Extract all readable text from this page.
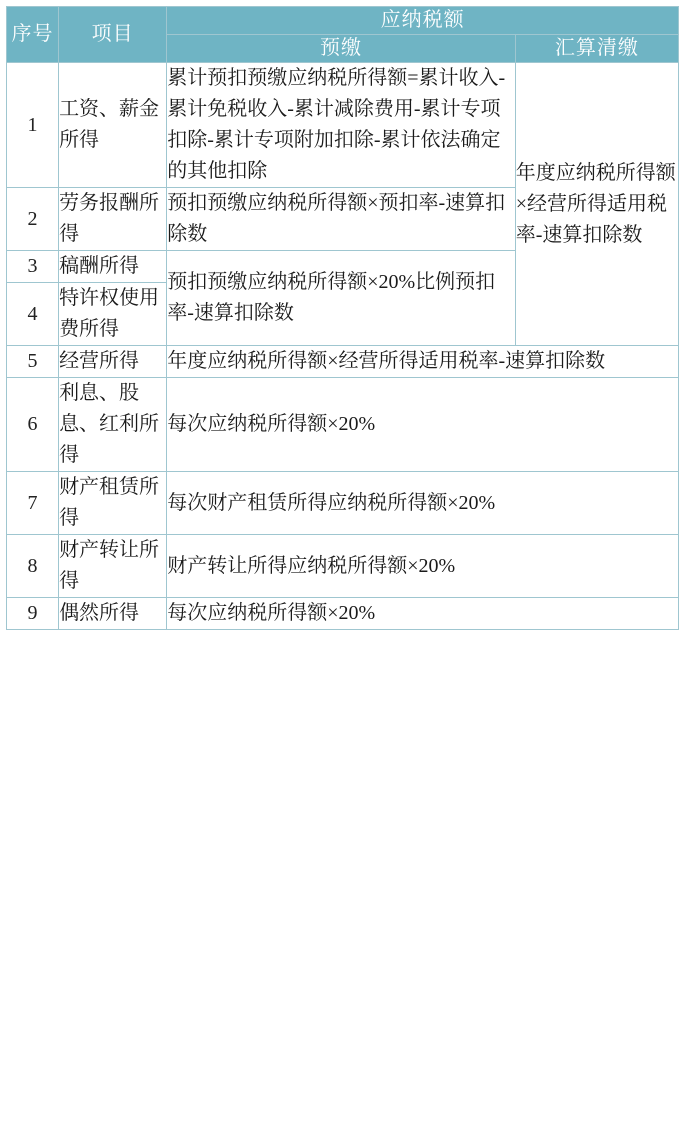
序号	项目	应纳税额	
		预缴	汇算清缴
1	工资、薪金所得	累计预扣预缴应纳税所得额=累计收入-累计免税收入-累计减除费用-累计专项扣除-累计专项附加扣除-累计依法确定的其他扣除	年度应纳税所得额×经营所得适用税率-速算扣除数
2	劳务报酬所得	预扣预缴应纳税所得额×预扣率-速算扣除数	
3	稿酬所得	预扣预缴应纳税所得额×20%比例预扣率-速算扣除数	
4	特许权使用费所得		
5	经营所得	年度应纳税所得额×经营所得适用税率-速算扣除数	
6	利息、股息、红利所得	每次应纳税所得额×20%	
7	财产租赁所得	每次财产租赁所得应纳税所得额×20%	
8	财产转让所得	财产转让所得应纳税所得额×20%	
9	偶然所得	每次应纳税所得额×20%	
